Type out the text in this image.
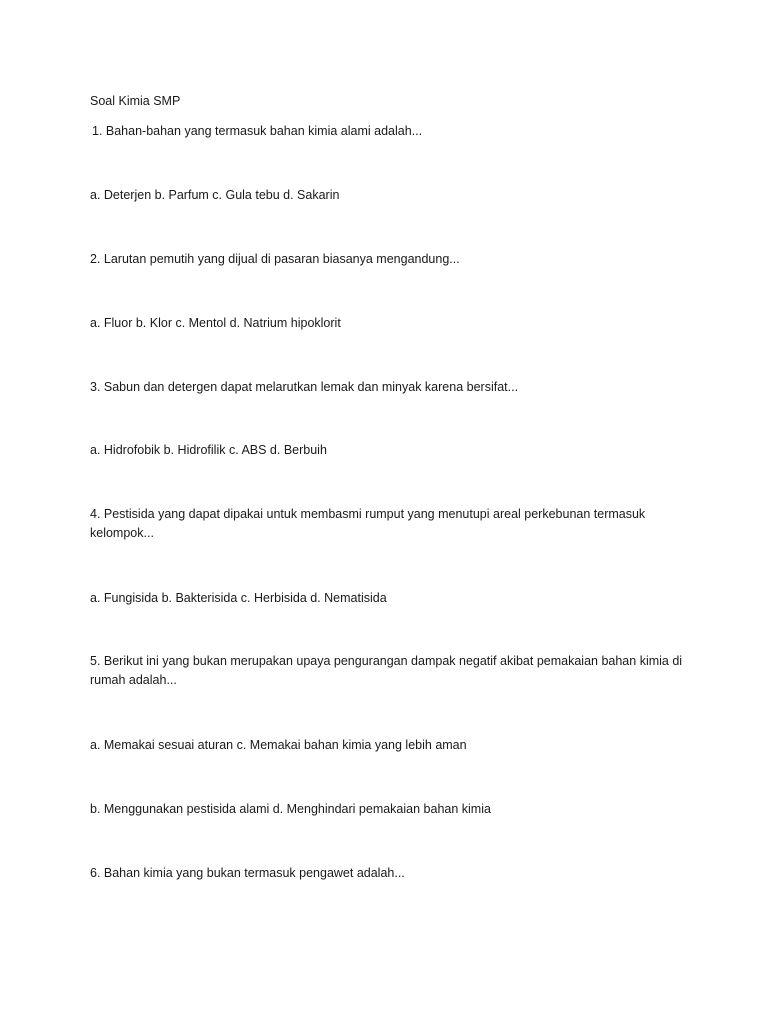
Soal Kimia SMP
1. Bahan-bahan yang termasuk bahan kimia alami adalah...
a. Deterjen b. Parfum c. Gula tebu d. Sakarin
2. Larutan pemutih yang dijual di pasaran biasanya mengandung...
a. Fluor b. Klor c. Mentol d. Natrium hipoklorit
3. Sabun dan detergen dapat melarutkan lemak dan minyak karena bersifat...
a. Hidrofobik b. Hidrofilik c. ABS d. Berbuih
4. Pestisida yang dapat dipakai untuk membasmi rumput yang menutupi areal perkebunan termasuk kelompok...
a. Fungisida b. Bakterisida c. Herbisida d. Nematisida
5. Berikut ini yang bukan merupakan upaya pengurangan dampak negatif akibat pemakaian bahan kimia di rumah adalah...
a. Memakai sesuai aturan c. Memakai bahan kimia yang lebih aman
b. Menggunakan pestisida alami d. Menghindari pemakaian bahan kimia
6. Bahan kimia yang bukan termasuk pengawet adalah...
